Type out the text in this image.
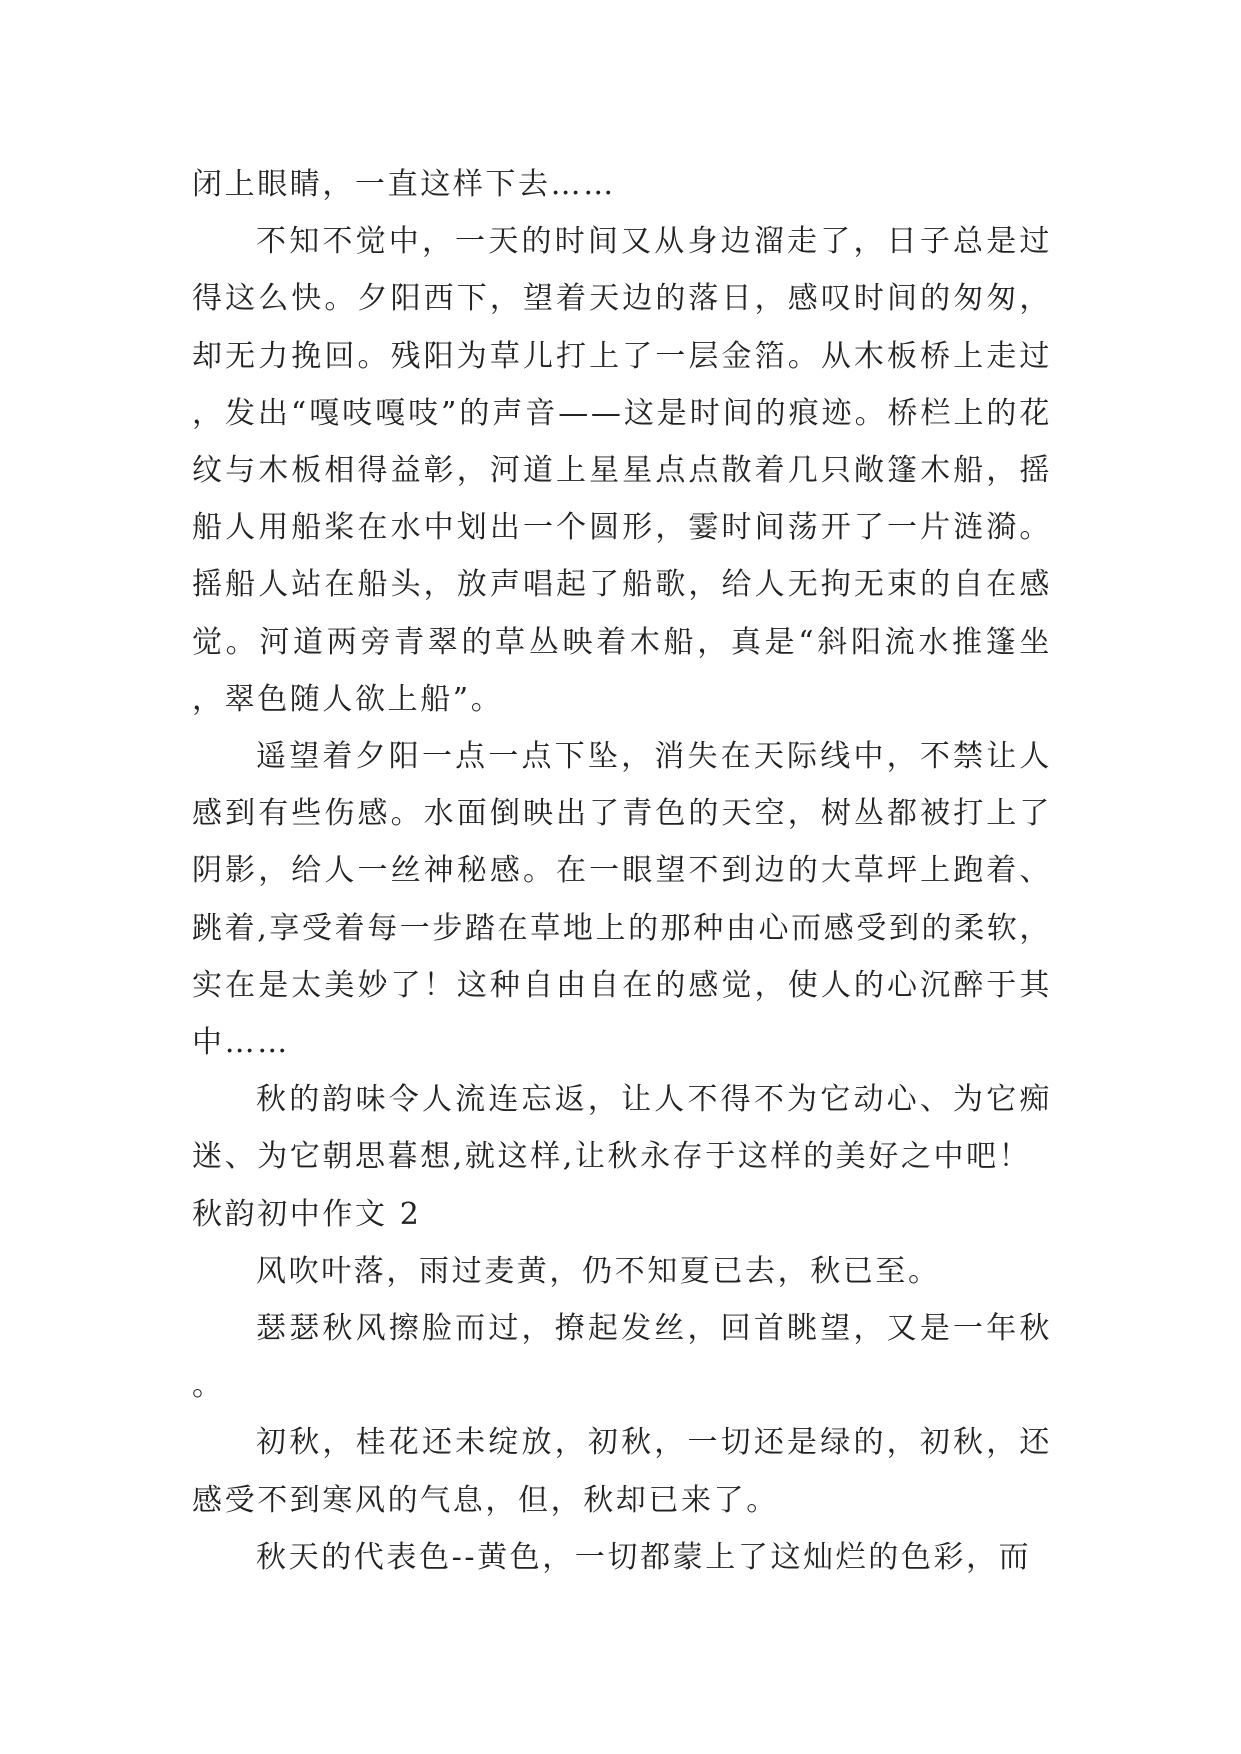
闭上眼睛，一直这样下去……

不知不觉中，一天的时间又从身边溜走了，日子总是过得这么快。夕阳西下，望着天边的落日，感叹时间的匆匆，却无力挽回。残阳为草儿打上了一层金箔。从木板桥上走过，发出“嘎吱嘎吱”的声音——这是时间的痕迹。桥栏上的花纹与木板相得益彰，河道上星星点点散着几只敞篷木船，摇船人用船桨在水中划出一个圆形，霎时间荡开了一片涟漪。摇船人站在船头，放声唱起了船歌，给人无拘无束的自在感觉。河道两旁青翠的草丛映着木船，真是“斜阳流水推篷坐，翠色随人欲上船”。

遥望着夕阳一点一点下坠，消失在天际线中，不禁让人感到有些伤感。水面倒映出了青色的天空，树丛都被打上了阴影，给人一丝神秘感。在一眼望不到边的大草坪上跑着、跳着,享受着每一步踏在草地上的那种由心而感受到的柔软，实在是太美妙了！这种自由自在的感觉，使人的心沉醉于其中……

秋的韵味令人流连忘返，让人不得不为它动心、为它痴迷、为它朝思暮想,就这样,让秋永存于这样的美好之中吧！

秋韵初中作文 2

风吹叶落，雨过麦黄，仍不知夏已去，秋已至。

瑟瑟秋风擦脸而过，撩起发丝，回首眺望，又是一年秋。

初秋，桂花还未绽放，初秋，一切还是绿的，初秋，还感受不到寒风的气息，但，秋却已来了。

秋天的代表色--黄色，一切都蒙上了这灿烂的色彩，而
